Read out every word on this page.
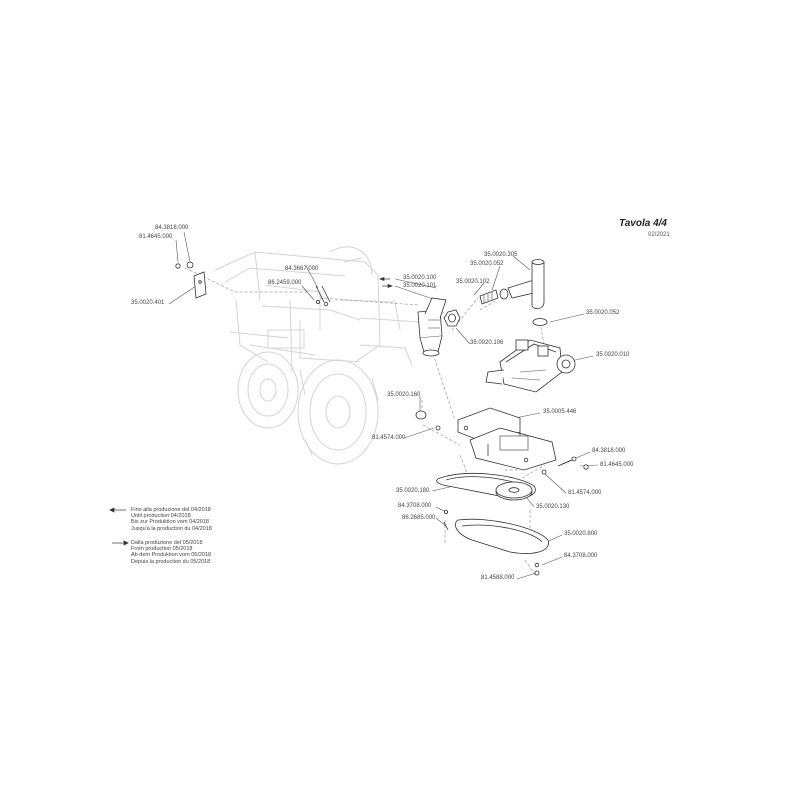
Tavola 4/4
02/2021
84.3818.000
81.4645.000
35.0020.401
84.3667.000
86.2459.000
35.0020.100
35.0020.101
35.0020.305
35.0020.052
35.0020.102
35.0020.106
35.0020.052
35.0020.010
35.0020.160
35.0005.446
81.4574.000
84.3818.000
81.4645.000
81.4574.000
35.0020.180
84.3708.000
86.2685.000
35.0020.130
35.0020.900
84.3708.000
81.4588.000
Fino alla produzione del 04/2018
Until production 04/2018
Bis zur Produktion vom 04/2018
Jusqu'à la production du 04/2018
Dalla produzione del 05/2018
From production 05/2018
Ab dem Produktion vom 05/2018
Depuis la production du 05/2018
